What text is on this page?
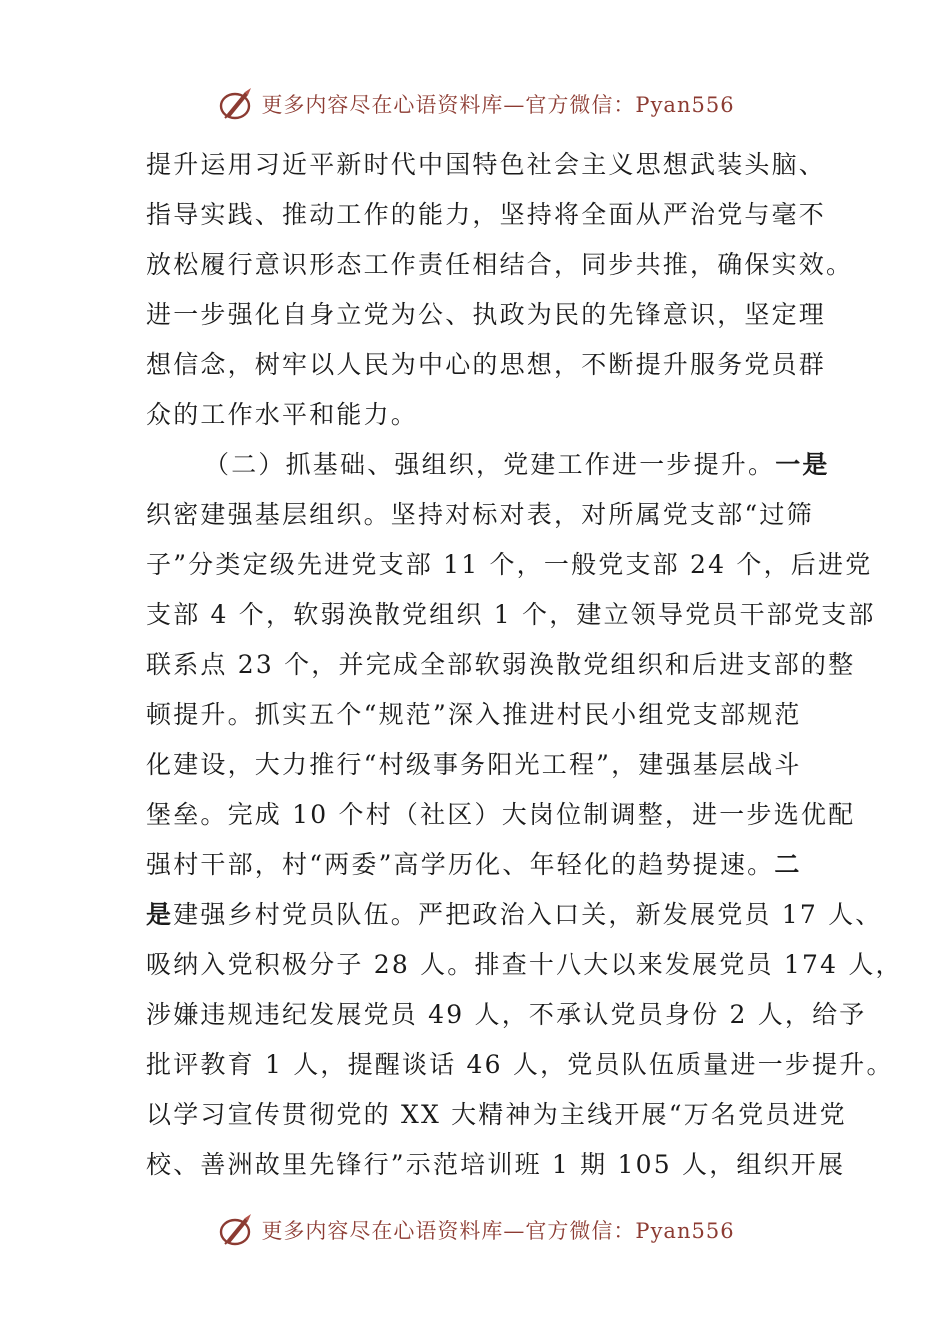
更多内容尽在心语资料库—官方微信：Pyan556
提升运用习近平新时代中国特色社会主义思想武装头脑、
指导实践、推动工作的能力，坚持将全面从严治党与毫不
放松履行意识形态工作责任相结合，同步共推，确保实效。
进一步强化自身立党为公、执政为民的先锋意识，坚定理
想信念，树牢以人民为中心的思想，不断提升服务党员群
众的工作水平和能力。
（二）抓基础、强组织，党建工作进一步提升。一是
织密建强基层组织。坚持对标对表，对所属党支部“过筛
子”分类定级先进党支部 11 个，一般党支部 24 个，后进党
支部 4 个，软弱涣散党组织 1 个，建立领导党员干部党支部
联系点 23 个，并完成全部软弱涣散党组织和后进支部的整
顿提升。抓实五个“规范”深入推进村民小组党支部规范
化建设，大力推行“村级事务阳光工程”，建强基层战斗
堡垒。完成 10 个村（社区）大岗位制调整，进一步选优配
强村干部，村“两委”高学历化、年轻化的趋势提速。二
是建强乡村党员队伍。严把政治入口关，新发展党员 17 人、
吸纳入党积极分子 28 人。排查十八大以来发展党员 174 人，
涉嫌违规违纪发展党员 49 人，不承认党员身份 2 人，给予
批评教育 1 人，提醒谈话 46 人，党员队伍质量进一步提升。
以学习宣传贯彻党的 XX 大精神为主线开展“万名党员进党
校、善洲故里先锋行”示范培训班 1 期 105 人，组织开展
更多内容尽在心语资料库—官方微信：Pyan556
